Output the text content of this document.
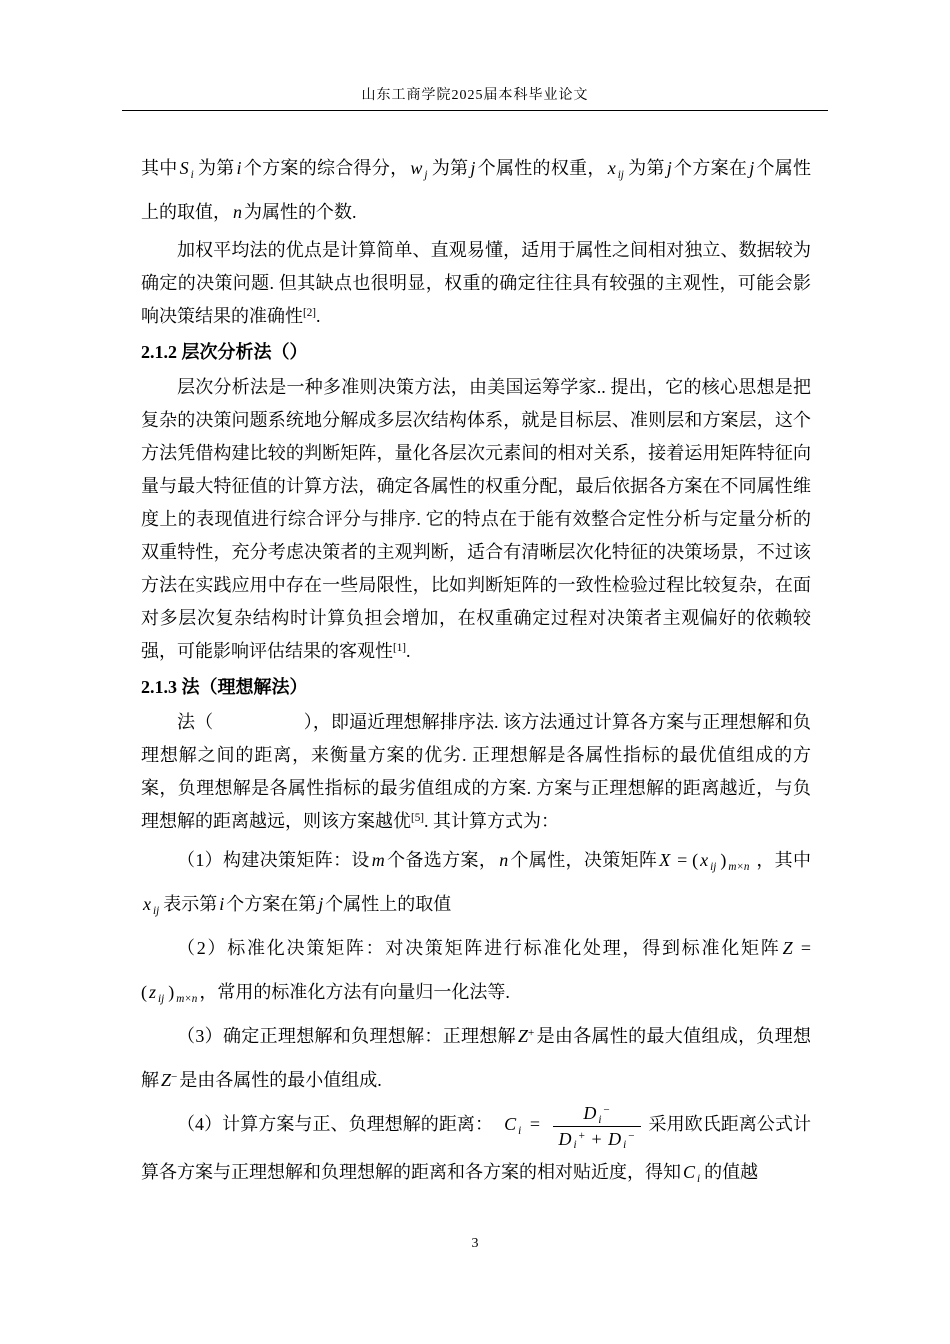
山东工商学院2025届本科毕业论文

其中 S $_i$ 为第 i 个方案的综合得分， w $_j$ 为第 j 个属性的权重， x $_{ij}$ 为第 j 个方案在 j 个属性上的取值， n 为属性的个数.

加权平均法的优点是计算简单、直观易懂，适用于属性之间相对独立、数据较为确定的决策问题. 但其缺点也很明显，权重的确定往往具有较强的主观性，可能会影响决策结果的准确性[2].

2.1.2 层次分析法（）

层次分析法是一种多准则决策方法，由美国运筹学家.. 提出，它的核心思想是把复杂的决策问题系统地分解成多层次结构体系，就是目标层、准则层和方案层，这个方法凭借构建比较的判断矩阵，量化各层次元素间的相对关系，接着运用矩阵特征向量与最大特征值的计算方法，确定各属性的权重分配，最后依据各方案在不同属性维度上的表现值进行综合评分与排序. 它的特点在于能有效整合定性分析与定量分析的双重特性，充分考虑决策者的主观判断，适合有清晰层次化特征的决策场景，不过该方法在实践应用中存在一些局限性，比如判断矩阵的一致性检验过程比较复杂，在面对多层次复杂结构时计算负担会增加，在权重确定过程对决策者主观偏好的依赖较强，可能影响评估结果的客观性[1].

2.1.3 法（理想解法）

法（　　　　　），即逼近理想解排序法. 该方法通过计算各方案与正理想解和负理想解之间的距离，来衡量方案的优劣. 正理想解是各属性指标的最优值组成的方案，负理想解是各属性指标的最劣值组成的方案. 方案与正理想解的距离越近，与负理想解的距离越远，则该方案越优[5]. 其计算方式为：

（1）构建决策矩阵：设 m 个备选方案， n 个属性，决策矩阵 X = ( x $_{ij}$ ) $_{m\times n}$ ，其中x $_{ij}$ 表示第 i 个方案在第 j 个属性上的取值

（2）标准化决策矩阵：对决策矩阵进行标准化处理，得到标准化矩阵 Z = ( z $_{ij}$ ) $_{m\times n}$ ，常用的标准化方法有向量归一化法等.

（3）确定正理想解和负理想解：正理想解 Z+ 是由各属性的最大值组成，负理想解 Z− 是由各属性的最小值组成.

（4）计算方案与正、负理想解的距离：  C $_i = \frac{D _i^-}{D _i^+ + D _i^-}$ 采用欧氏距离公式计算各方案与正理想解和负理想解的距离和各方案的相对贴近度，得知 C $_i$ 的值越

3
